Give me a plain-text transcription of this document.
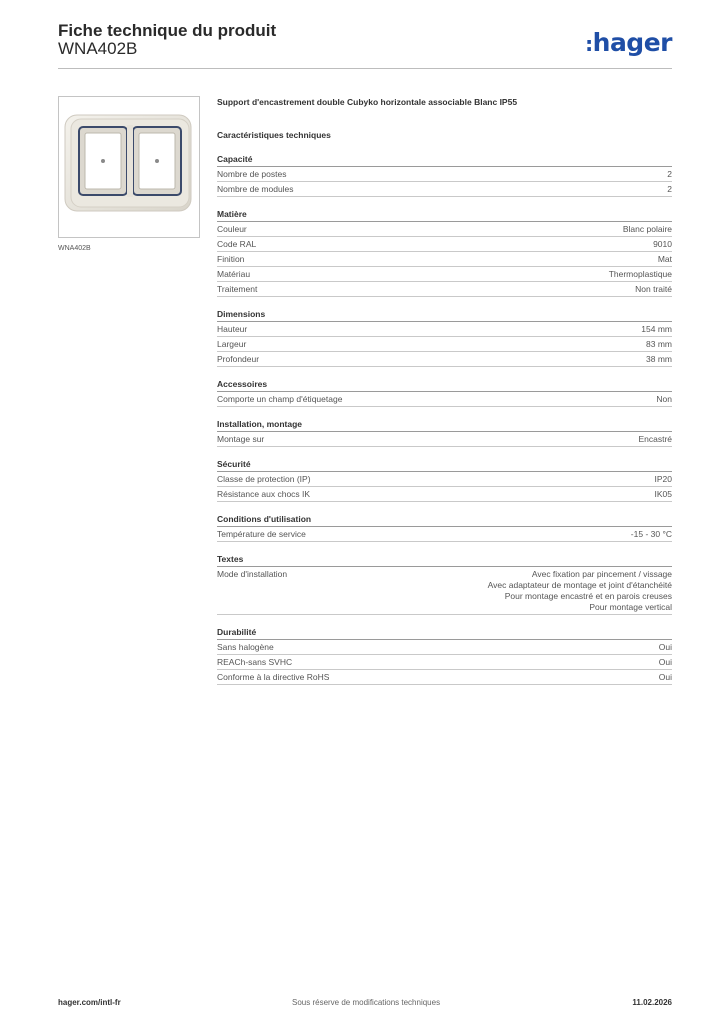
Fiche technique du produit
WNA402B	:hager
WNA402B
Support d'encastrement double Cubyko horizontale associable Blanc IP55
Caractéristiques techniques
Capacité
Nombre de postes	2
Nombre de modules	2
Matière
Couleur	Blanc polaire
Code RAL	9010
Finition	Mat
Matériau	Thermoplastique
Traitement	Non traité
Dimensions
Hauteur	154 mm
Largeur	83 mm
Profondeur	38 mm
Accessoires
Comporte un champ d'étiquetage	Non
Installation, montage
Montage sur	Encastré
Sécurité
Classe de protection (IP)	IP20
Résistance aux chocs IK	IK05
Conditions d'utilisation
Température de service	-15 - 30 °C
Textes
Mode d'installation	Avec fixation par pincement / vissage
Avec adaptateur de montage et joint d'étanchéité
Pour montage encastré et en parois creuses
Pour montage vertical
Durabilité
Sans halogène	Oui
REACh-sans SVHC	Oui
Conforme à la directive RoHS	Oui
hager.com/intl-fr	Sous réserve de modifications techniques	11.02.2026
